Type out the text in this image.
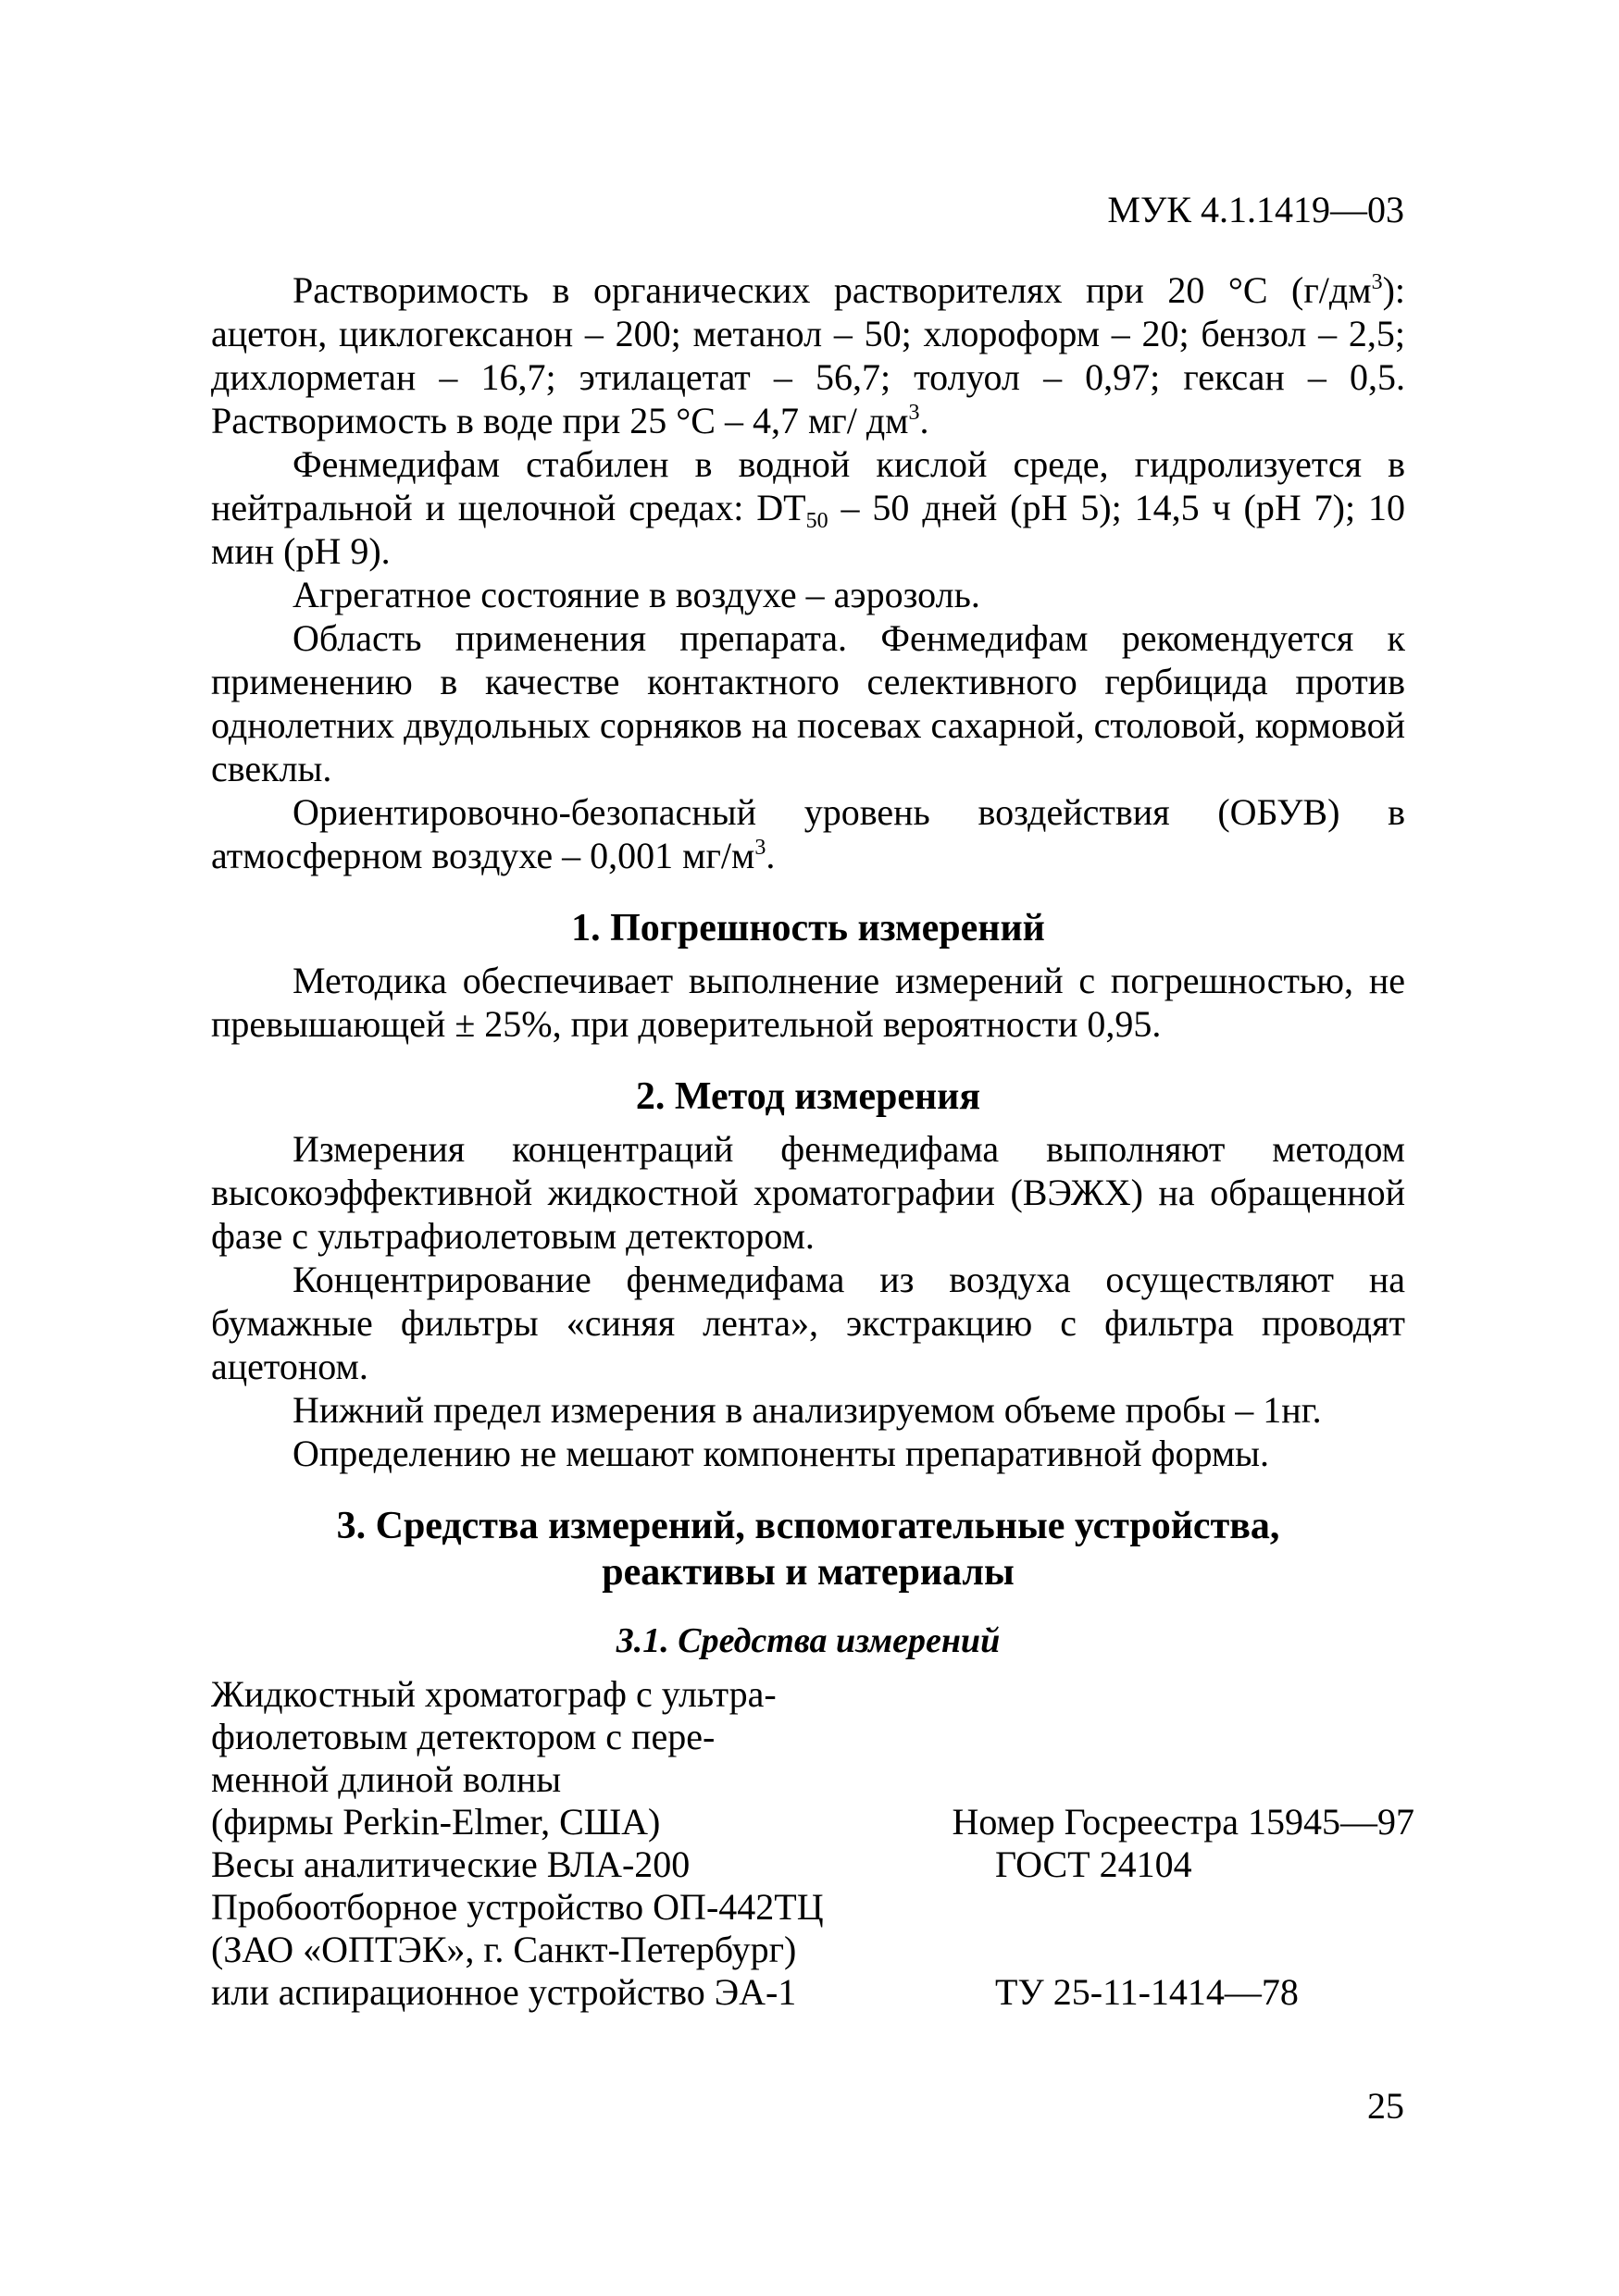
МУК 4.1.1419—03

Растворимость в органических растворителях при 20 °С $(г/дм^3)$: ацетон, циклогексанон – 200; метанол – 50; хлороформ – 20; бензол – 2,5; дихлорметан – 16,7; этилацетат – 56,7; толуол – 0,97; гексан – 0,5. Растворимость в воде при 25 °С – 4,7 мг/ $дм^3$.

Фенмедифам стабилен в водной кислой среде, гидролизуется в нейтральной и щелочной средах: $DT_{50} - 50$ дней (рН 5); 14,5 ч (рН 7); 10 мин (рН 9).

Агрегатное состояние в воздухе – аэрозоль.

Область применения препарата. Фенмедифам рекомендуется к применению в качестве контактного селективного гербицида против однолетних двудольных сорняков на посевах сахарной, столовой, кормовой свеклы.

Ориентировочно-безопасный уровень воздействия (ОБУВ) в атмосферном воздухе – 0,001 $мг/м^3$.

1. Погрешность измерений

Методика обеспечивает выполнение измерений с погрешностью, не превышающей ± 25%, при доверительной вероятности 0,95.

2. Метод измерения

Измерения концентраций фенмедифама выполняют методом высокоэффективной жидкостной хроматографии (ВЭЖХ) на обращенной фазе с ультрафиолетовым детектором.

Концентрирование фенмедифама из воздуха осуществляют на бумажные фильтры «синяя лента», экстракцию с фильтра проводят ацетоном.

Нижний предел измерения в анализируемом объеме пробы – 1нг.

Определению не мешают компоненты препаративной формы.

3. Средства измерений, вспомогательные устройства,
реактивы и материалы
3.1. Средства измерений
Жидкостный хроматограф с ультра-
фиолетовым детектором с пере-
менной длиной волны
(фирмы Perkin-Elmer, США)	Номер Госреестра 15945—97
Весы аналитические ВЛА-200	ГОСТ 24104
Пробоотборное устройство ОП-442ТЦ
(ЗАО «ОПТЭК», г. Санкт-Петербург)
или аспирационное устройство ЭА-1	ТУ 25-11-1414—78
25
